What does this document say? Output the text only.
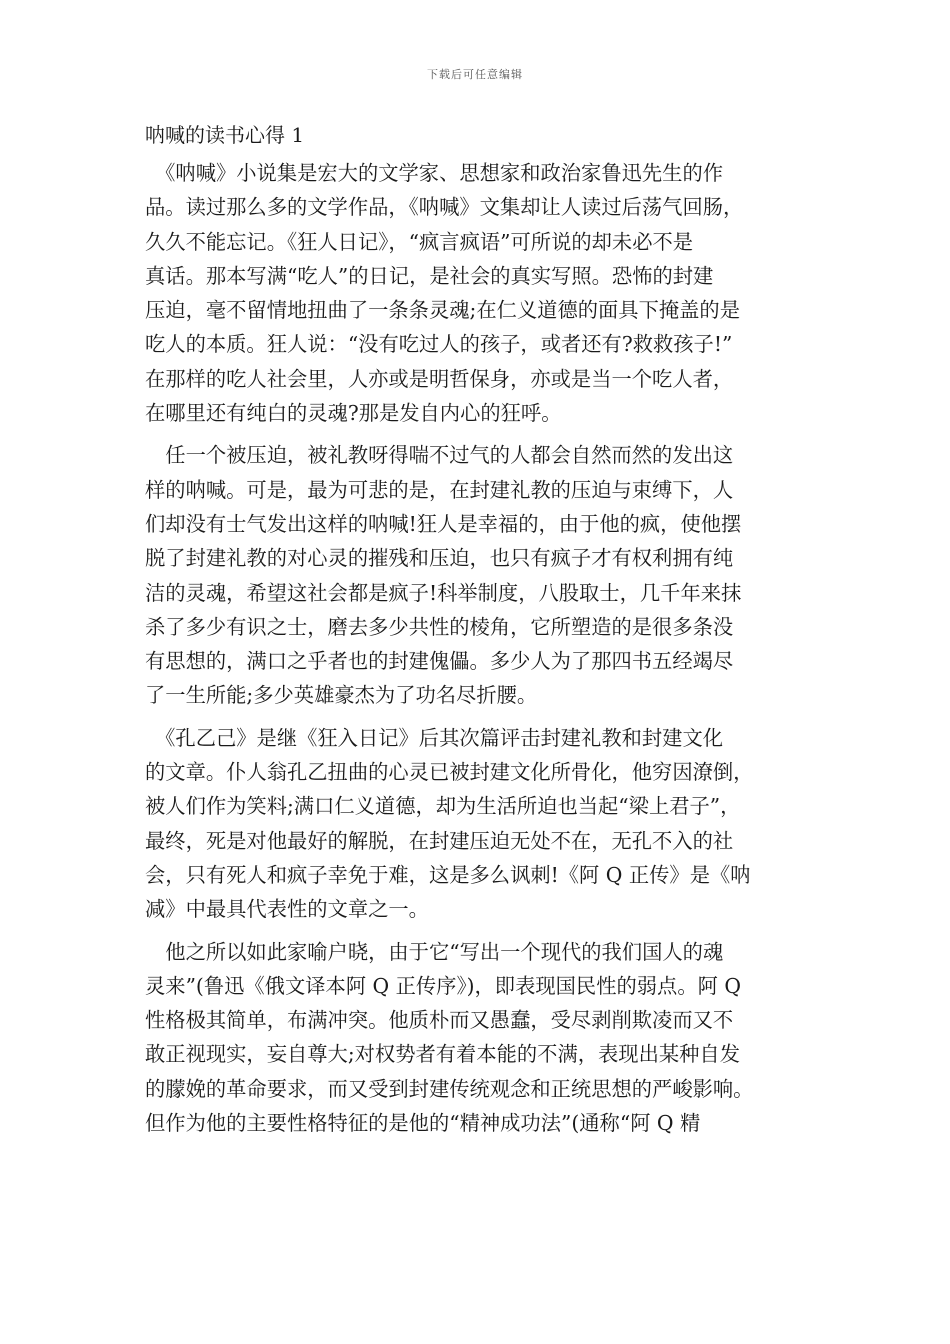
下载后可任意编辑
呐喊的读书心得 1
　《呐喊》小说集是宏大的文学家、思想家和政治家鲁迅先生的作
品。读过那么多的文学作品，《呐喊》文集却让人读过后荡气回肠，
久久不能忘记。《狂人日记》，“疯言疯语”可所说的却未必不是
真话。那本写满“吃人”的日记，是社会的真实写照。恐怖的封建
压迫，毫不留情地扭曲了一条条灵魂;在仁义道德的面具下掩盖的是
吃人的本质。狂人说：“没有吃过人的孩子，或者还有?救救孩子!”
在那样的吃人社会里，人亦或是明哲保身，亦或是当一个吃人者，
在哪里还有纯白的灵魂?那是发自内心的狂呼。
　任一个被压迫，被礼教呀得喘不过气的人都会自然而然的发出这
样的呐喊。可是，最为可悲的是，在封建礼教的压迫与束缚下，人
们却没有士气发出这样的呐喊!狂人是幸福的，由于他的疯，使他摆
脱了封建礼教的对心灵的摧残和压迫，也只有疯子才有权利拥有纯
洁的灵魂，希望这社会都是疯子!科举制度，八股取士，几千年来抹
杀了多少有识之士，磨去多少共性的棱角，它所塑造的是很多条没
有思想的，满口之乎者也的封建傀儡。多少人为了那四书五经竭尽
了一生所能;多少英雄豪杰为了功名尽折腰。
　《孔乙己》是继《狂入日记》后其次篇评击封建礼教和封建文化
的文章。仆人翁孔乙扭曲的心灵已被封建文化所骨化，他穷因潦倒，
被人们作为笑料;满口仁义道德，却为生活所迫也当起“梁上君子”，
最终，死是对他最好的解脱，在封建压迫无处不在，无孔不入的社
会，只有死人和疯子幸免于难，这是多么讽刺!《阿 Q 正传》是《呐
减》中最具代表性的文章之一。
　他之所以如此家喻户晓，由于它“写出一个现代的我们国人的魂
灵来”(鲁迅《俄文译本阿 Q 正传序》)，即表现国民性的弱点。阿 Q
性格极其简单，布满冲突。他质朴而又愚蠢，受尽剥削欺凌而又不
敢正视现实，妄自尊大;对权势者有着本能的不满，表现出某种自发
的朦娩的革命要求，而又受到封建传统观念和正统思想的严峻影响。
但作为他的主要性格特征的是他的“精神成功法”(通称“阿 Q 精
